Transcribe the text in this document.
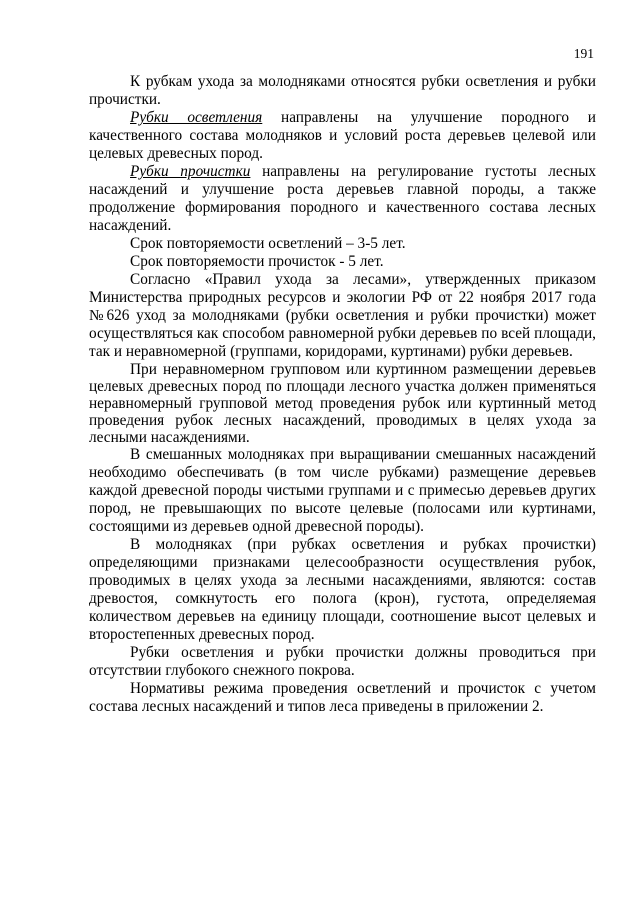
191

К рубкам ухода за молодняками относятся рубки осветления и рубки прочистки.

Рубки осветления направлены на улучшение породного и качественного состава молодняков и условий роста деревьев целевой или целевых древесных пород.

Рубки прочистки направлены на регулирование густоты лесных насаждений и улучшение роста деревьев главной породы, а также продолжение формирования породного и качественного состава лесных насаждений.

Срок повторяемости осветлений – 3-5 лет.

Срок повторяемости прочисток - 5 лет.

Согласно «Правил ухода за лесами», утвержденных приказом Министерства природных ресурсов и экологии РФ от 22 ноября 2017 года №626 уход за молодняками (рубки осветления и рубки прочистки) может осуществляться как способом равномерной рубки деревьев по всей площади, так и неравномерной (группами, коридорами, куртинами) рубки деревьев.

При неравномерном групповом или куртинном размещении деревьев целевых древесных пород по площади лесного участка должен применяться неравномерный групповой метод проведения рубок или куртинный метод проведения рубок лесных насаждений, проводимых в целях ухода за лесными насаждениями.

В смешанных молодняках при выращивании смешанных насаждений необходимо обеспечивать (в том числе рубками) размещение деревьев каждой древесной породы чистыми группами и с примесью деревьев других пород, не превышающих по высоте целевые (полосами или куртинами, состоящими из деревьев одной древесной породы).

В молодняках (при рубках осветления и рубках прочистки) определяющими признаками целесообразности осуществления рубок, проводимых в целях ухода за лесными насаждениями, являются: состав древостоя, сомкнутость его полога (крон), густота, определяемая количеством деревьев на единицу площади, соотношение высот целевых и второстепенных древесных пород.

Рубки осветления и рубки прочистки должны проводиться при отсутствии глубокого снежного покрова.

Нормативы режима проведения осветлений и прочисток с учетом состава лесных насаждений и типов леса приведены в приложении 2.
